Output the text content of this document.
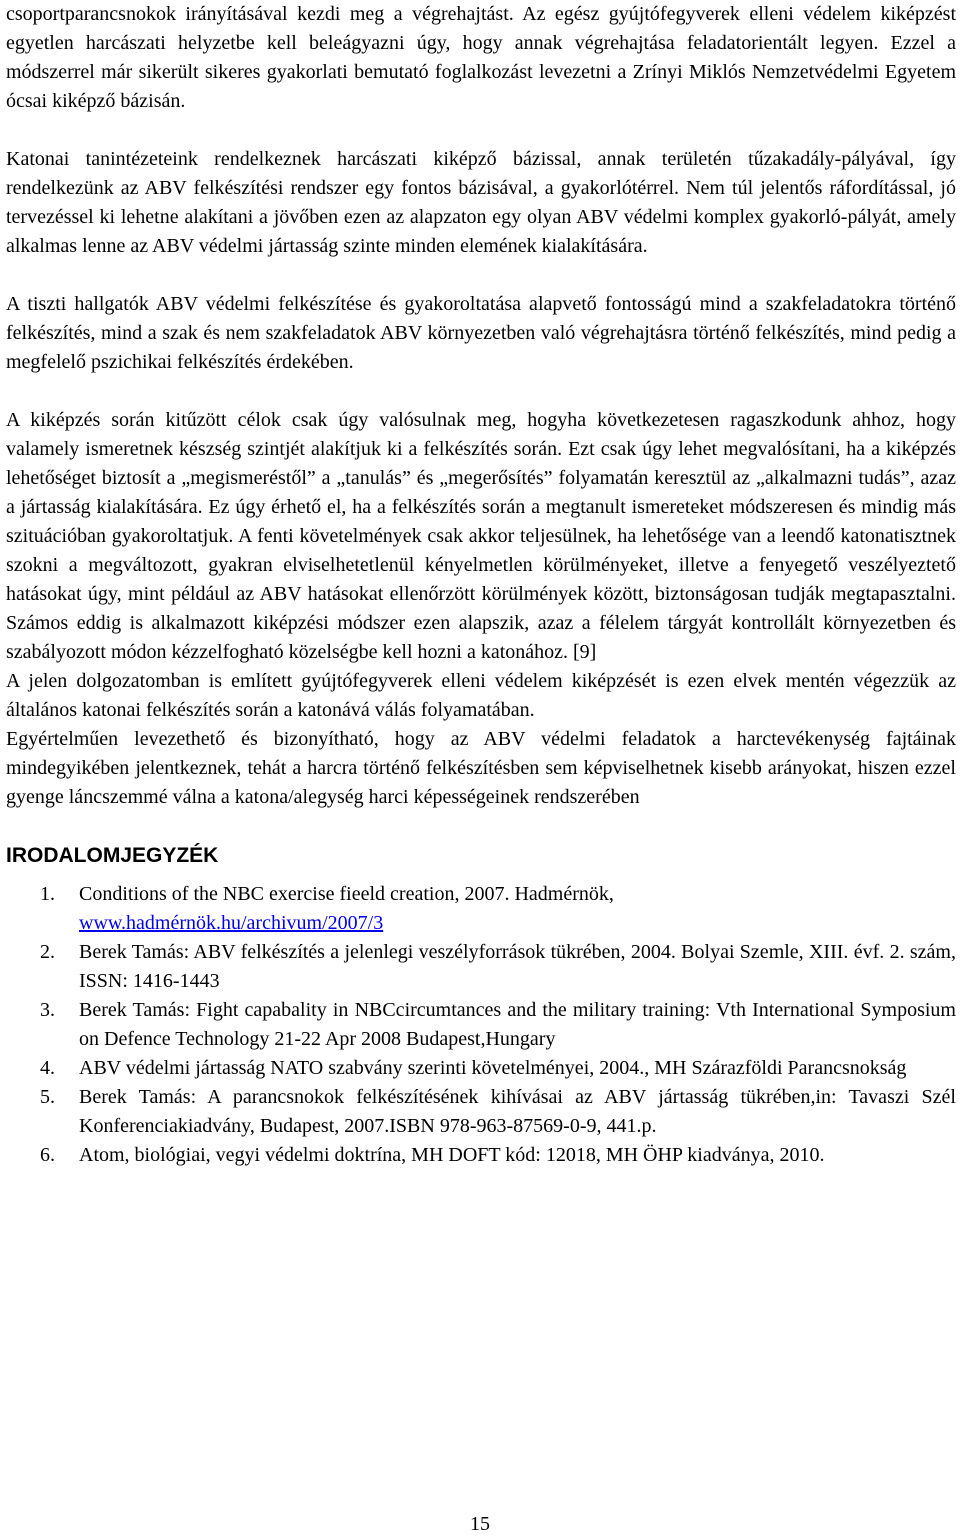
csoportparancsnokok irányításával kezdi meg a végrehajtást. Az egész gyújtófegyverek elleni védelem kiképzést egyetlen harcászati helyzetbe kell beleágyazni úgy, hogy annak végrehajtása feladatorientált legyen. Ezzel a módszerrel már sikerült sikeres gyakorlati bemutató foglalkozást levezetni a Zrínyi Miklós Nemzetvédelmi Egyetem ócsai kiképző bázisán.

Katonai tanintézeteink rendelkeznek harcászati kiképző bázissal, annak területén tűzakadály-pályával, így rendelkezünk az ABV felkészítési rendszer egy fontos bázisával, a gyakorlótérrel. Nem túl jelentős ráfordítással, jó tervezéssel ki lehetne alakítani a jövőben ezen az alapzaton egy olyan ABV védelmi komplex gyakorló-pályát, amely alkalmas lenne az ABV védelmi jártasság szinte minden elemének kialakítására.

A tiszti hallgatók ABV védelmi felkészítése és gyakoroltatása alapvető fontosságú mind a szakfeladatokra történő felkészítés, mind a szak és nem szakfeladatok ABV környezetben való végrehajtásra történő felkészítés, mind pedig a megfelelő pszichikai felkészítés érdekében.

A kiképzés során kitűzött célok csak úgy valósulnak meg, hogyha következetesen ragaszkodunk ahhoz, hogy valamely ismeretnek készség szintjét alakítjuk ki a felkészítés során. Ezt csak úgy lehet megvalósítani, ha a kiképzés lehetőséget biztosít a „megismeréstől” a „tanulás” és „megerősítés” folyamatán keresztül az „alkalmazni tudás”, azaz a jártasság kialakítására. Ez úgy érhető el, ha a felkészítés során a megtanult ismereteket módszeresen és mindig más szituációban gyakoroltatjuk. A fenti követelmények csak akkor teljesülnek, ha lehetősége van a leendő katonatisztnek szokni a megváltozott, gyakran elviselhetetlenül kényelmetlen körülményeket, illetve a fenyegető veszélyeztető hatásokat úgy, mint például az ABV hatásokat ellenőrzött körülmények között, biztonságosan tudják megtapasztalni. Számos eddig is alkalmazott kiképzési módszer ezen alapszik, azaz a félelem tárgyát kontrollált környezetben és szabályozott módon kézzelfogható közelségbe kell hozni a katonához. [9]

A jelen dolgozatomban is említett gyújtófegyverek elleni védelem kiképzését is ezen elvek mentén végezzük az általános katonai felkészítés során a katonává válás folyamatában.

Egyértelműen levezethető és bizonyítható, hogy az ABV védelmi feladatok a harctevékenység fajtáinak mindegyikében jelentkeznek, tehát a harcra történő felkészítésben sem képviselhetnek kisebb arányokat, hiszen ezzel gyenge láncszemmé válna a katona/alegység harci képességeinek rendszerében

IRODALOMJEGYZÉK
1. Conditions of the NBC exercise fieeld creation, 2007. Hadmérnök,
www.hadmérnök.hu/archivum/2007/3
2. Berek Tamás: ABV felkészítés a jelenlegi veszélyforrások tükrében, 2004. Bolyai Szemle, XIII. évf. 2. szám, ISSN: 1416-1443
3. Berek Tamás: Fight capabality in NBCcircumtances and the military training: Vth International Symposium on Defence Technology 21-22 Apr 2008 Budapest,Hungary
4. ABV védelmi jártasság NATO szabvány szerinti követelményei, 2004., MH Szárazföldi Parancsnokság
5. Berek Tamás: A parancsnokok felkészítésének kihívásai az ABV jártasság tükrében,in: Tavaszi Szél Konferenciakiadvány, Budapest, 2007.ISBN 978-963-87569-0-9, 441.p.
6. Atom, biológiai, vegyi védelmi doktrína, MH DOFT kód: 12018, MH ÖHP kiadványa, 2010.
15
